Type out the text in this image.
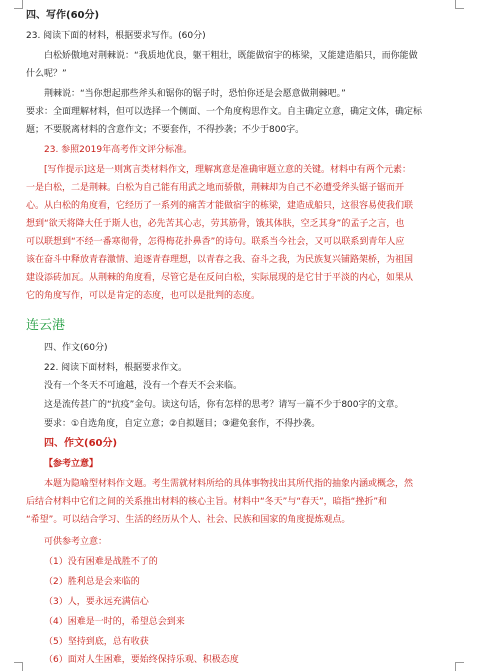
四、写作(60分)
23. 阅读下面的材料，根据要求写作。(60分)
白松娇傲地对荆棘说：“我质地优良，躯干粗壮，既能做宿宇的栋梁，又能建造船只，而你能做
什么呢？”
荆棘说：“当你想起那些斧头和锯你的锯子时，恐怕你还是会愿意做荆棘吧。”
要求：全面理解材料，但可以选择一个侧面、一个角度构思作文。自主确定立意，确定文体，确定标
题；不要脱离材料的含意作文；不要套作，不得抄袭；不少于800字。
23. 参照2019年高考作文评分标准。
[写作提示]这是一则寓言类材料作文，理解寓意是准确审题立意的关键。材料中有两个元素：
一是白松，二是荆棘。白松为自己能有用武之地而骄傲，荆棘却为自己不必遭受斧头锯子锯而开
心。从白松的角度看，它经历了一系列的痛苦才能做宿宇的栋梁，建造成船只，这很容易使我们联
想到“欲天将降大任于斯人也，必先苦其心志，劳其筋骨，饿其体肤，空乏其身”的孟子之言，也
可以联想到“不经一番寒彻骨，怎得梅花扑鼻香”的诗句。联系当今社会，又可以联系到青年人应
该在奋斗中释放青春激情、追逐青春理想，以青春之我、奋斗之我，为民族复兴铺路架桥，为祖国
建设添砖加瓦。从荆棘的角度看，尽管它是在反问白松，实际展现的是它甘于平淡的内心，如果从
它的角度写作，可以是肯定的态度，也可以是批判的态度。
连云港
四、作文(60分)
22. 阅读下面材料，根据要求作文。
没有一个冬天不可逾越，没有一个春天不会来临。
这是流传甚广的“抗疫”金句。读这句话，你有怎样的思考？请写一篇不少于800字的文章。
要求：①自选角度，自定立意；②自拟题目；③避免套作，不得抄袭。
四、作文(60分)
【参考立意】
本题为隐喻型材料作文题。考生需就材料所给的具体事物找出其所代指的抽象内涵或概念，然
后结合材料中它们之间的关系推出材料的核心主旨。材料中“冬天”与“春天”，暗指“挫折”和
“希望”。可以结合学习、生活的经历从个人、社会、民族和国家的角度提炼观点。
可供参考立意：
（1）没有困难是战胜不了的
（2）胜利总是会来临的
（3）人，要永远充满信心
（4）困难是一时的，希望总会到来
（5）坚持到底，总有收获
（6）面对人生困难，要始终保持乐观、积极态度
